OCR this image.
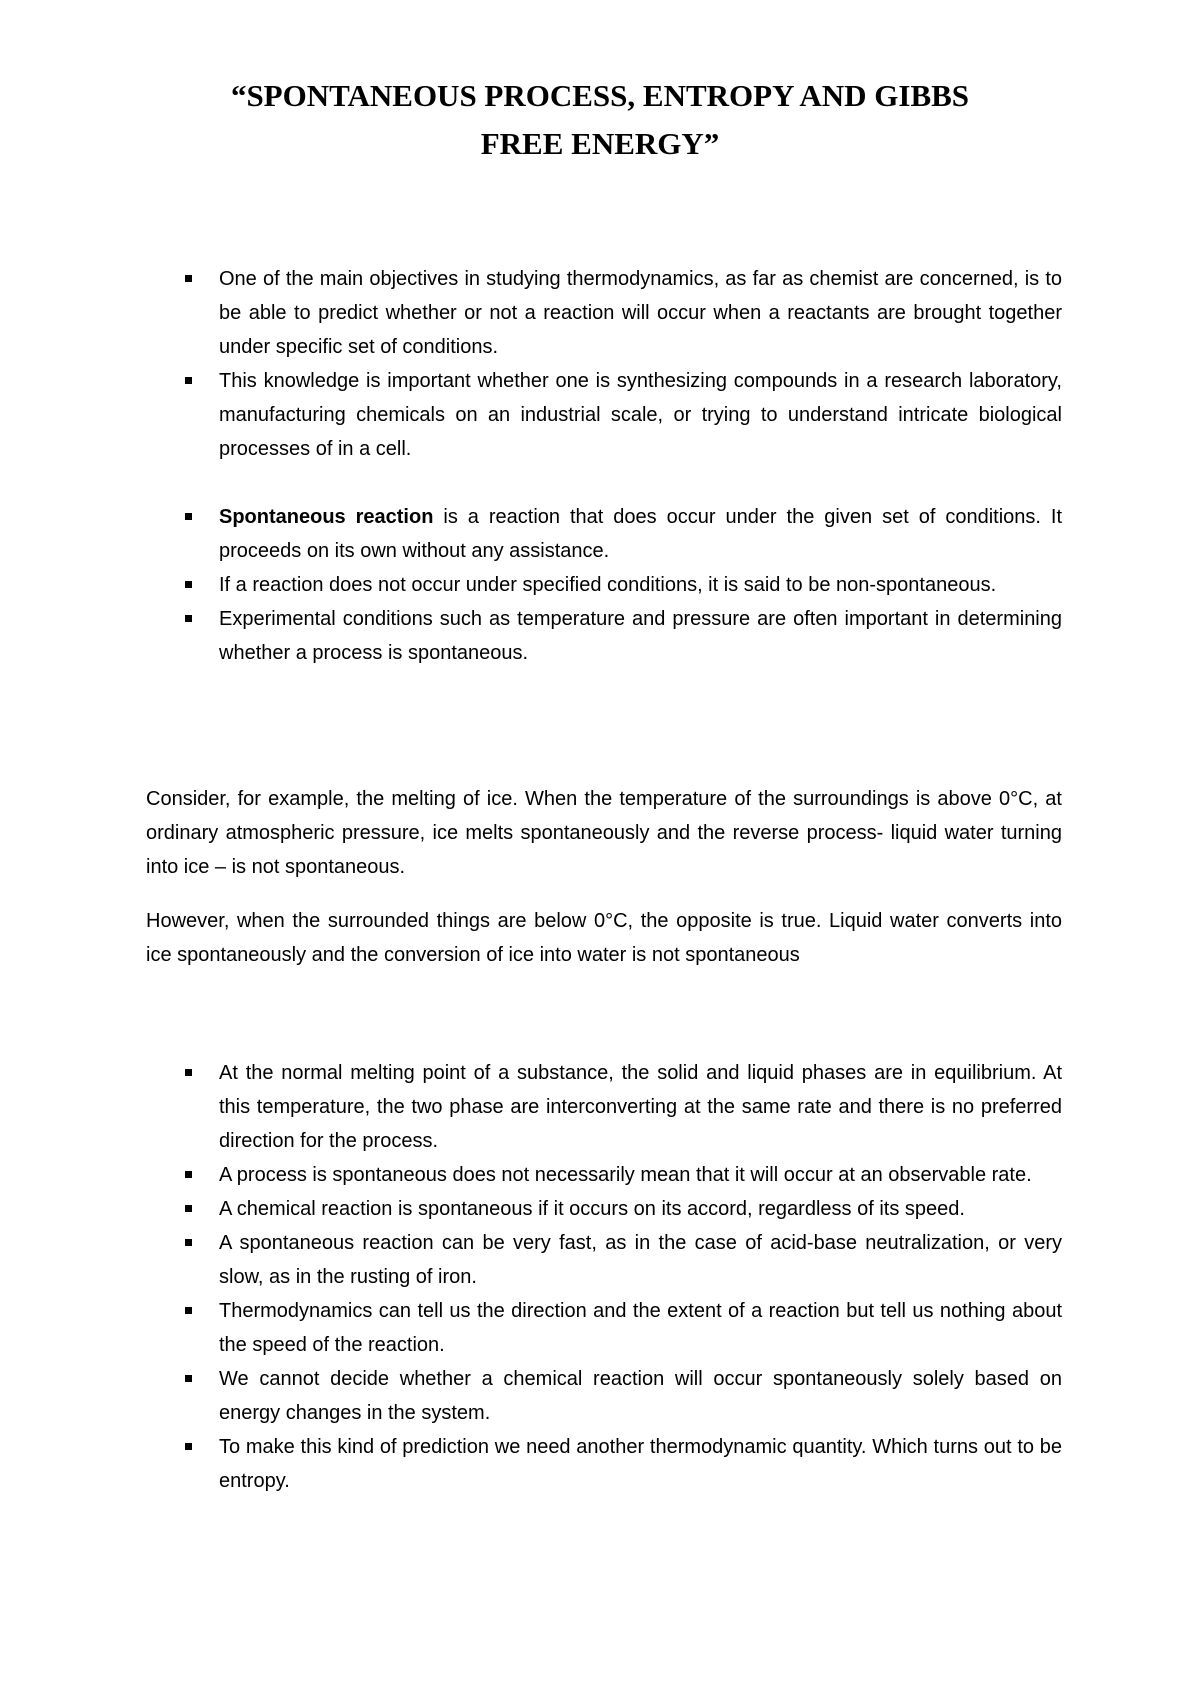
“SPONTANEOUS PROCESS, ENTROPY AND GIBBS
FREE ENERGY”
One of the main objectives in studying thermodynamics, as far as chemist are concerned, is to be able to predict whether or not a reaction will occur when a reactants are brought together under specific set of conditions.
This knowledge is important whether one is synthesizing compounds in a research laboratory, manufacturing chemicals on an industrial scale, or trying to understand intricate biological processes of in a cell.
Spontaneous reaction is a reaction that does occur under the given set of conditions. It proceeds on its own without any assistance.
If a reaction does not occur under specified conditions, it is said to be non-spontaneous.
Experimental conditions such as temperature and pressure are often important in determining whether a process is spontaneous.

Consider, for example, the melting of ice. When the temperature of the surroundings is above 0°C, at ordinary atmospheric pressure, ice melts spontaneously and the reverse process- liquid water turning into ice – is not spontaneous.

However, when the surrounded things are below 0°C, the opposite is true. Liquid water converts into ice spontaneously and the conversion of ice into water is not spontaneous

At the normal melting point of a substance, the solid and liquid phases are in equilibrium. At this temperature, the two phase are interconverting at the same rate and there is no preferred direction for the process.
A process is spontaneous does not necessarily mean that it will occur at an observable rate.
A chemical reaction is spontaneous if it occurs on its accord, regardless of its speed.
A spontaneous reaction can be very fast, as in the case of acid-base neutralization, or very slow, as in the rusting of iron.
Thermodynamics can tell us the direction and the extent of a reaction but tell us nothing about the speed of the reaction.
We cannot decide whether a chemical reaction will occur spontaneously solely based on energy changes in the system.
To make this kind of prediction we need another thermodynamic quantity. Which turns out to be entropy.
